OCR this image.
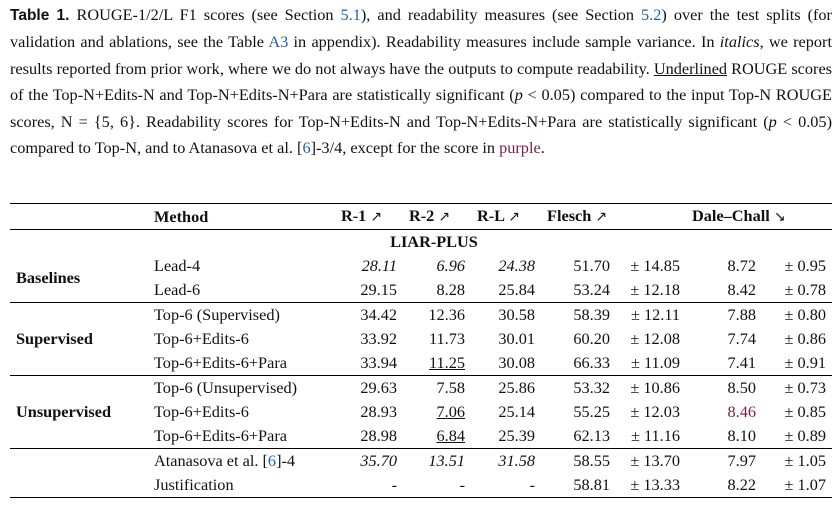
Table 1. ROUGE-1/2/L F1 scores (see Section 5.1), and readability measures (see Section 5.2) over the test splits (for validation and ablations, see the Table A3 in appendix). Readability measures include sample variance. In italics, we report results reported from prior work, where we do not always have the outputs to compute readability. Underlined ROUGE scores of the Top-N+Edits-N and Top-N+Edits-N+Para are statistically significant (p < 0.05) compared to the input Top-N ROUGE scores, N = {5, 6}. Readability scores for Top-N+Edits-N and Top-N+Edits-N+Para are statistically significant (p < 0.05) compared to Top-N, and to Atanasova et al. [6]-3/4, except for the score in purple.
	Method	R-1 ↗	R-2 ↗	R-L ↗	Flesch ↗	Dale–Chall ↘
	LIAR-PLUS					
Baselines	Lead-4	28.11	6.96	24.38	51.70 ± 14.85	8.72 ± 0.95
	Lead-6	29.15	8.28	25.84	53.24 ± 12.18	8.42 ± 0.78
Supervised	Top-6 (Supervised)	34.42	12.36	30.58	58.39 ± 12.11	7.88 ± 0.80
	Top-6+Edits-6	33.92	11.73	30.01	60.20 ± 12.08	7.74 ± 0.86
	Top-6+Edits-6+Para	33.94	11.25	30.08	66.33 ± 11.09	7.41 ± 0.91
Unsupervised	Top-6 (Unsupervised)	29.63	7.58	25.86	53.32 ± 10.86	8.50 ± 0.73
	Top-6+Edits-6	28.93	7.06	25.14	55.25 ± 12.03	8.46 ± 0.85
	Top-6+Edits-6+Para	28.98	6.84	25.39	62.13 ± 11.16	8.10 ± 0.89
	Atanasova et al. [6]-4	35.70	13.51	31.58	58.55 ± 13.70	7.97 ± 1.05
	Justification	-	-	-	58.81 ± 13.33	8.22 ± 1.07
